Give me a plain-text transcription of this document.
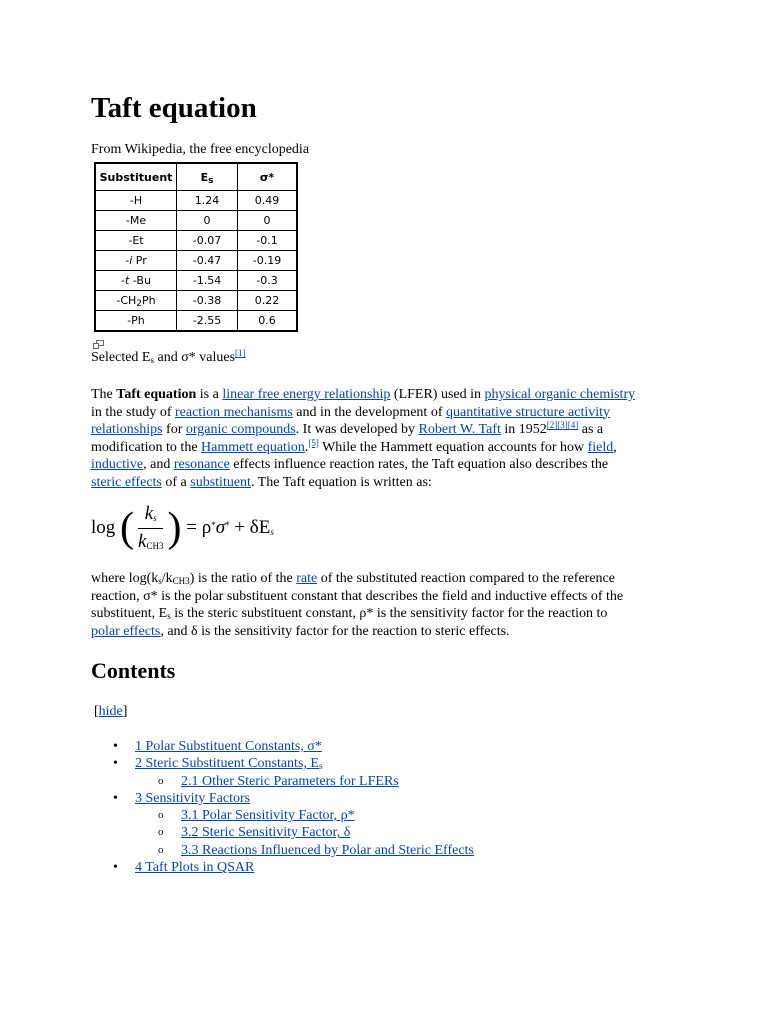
Taft equation
From Wikipedia, the free encyclopedia
Substituent	$E_s$	σ*
-H	1.24	0.49
-Me	0	0
-Et	-0.07	-0.1
-i Pr	-0.47	-0.19
-t -Bu	-1.54	-0.3
$-CH_2Ph$	-0.38	0.22
-Ph	-2.55	0.6
Selected $E_s$ and σ* values[1]
The Taft equation is a linear free energy relationship (LFER) used in physical organic chemistry
in the study of reaction mechanisms and in the development of quantitative structure activity
relationships for organic compounds. It was developed by Robert W. Taft in 1952[2][3][4] as a
modification to the Hammett equation.[5] While the Hammett equation accounts for how field,
inductive, and resonance effects influence reaction rates, the Taft equation also describes the
steric effects of a substituent. The Taft equation is written as:
log ( $\frac{k_s}{k_{CH3}}$ ) = $\rho^*\sigma^* + \delta E_s$
where $\log(k_s/k_{CH3})$ is the ratio of the rate of the substituted reaction compared to the reference
reaction, σ* is the polar substituent constant that describes the field and inductive effects of the
substituent, $E_s$ is the steric substituent constant, ρ* is the sensitivity factor for the reaction to
polar effects, and δ is the sensitivity factor for the reaction to steric effects.
Contents
[hide]
• 1 Polar Substituent Constants, σ*
• 2 Steric Substituent Constants, $E_s$
o 2.1 Other Steric Parameters for LFERs
• 3 Sensitivity Factors
o 3.1 Polar Sensitivity Factor, ρ*
o 3.2 Steric Sensitivity Factor, δ
o 3.3 Reactions Influenced by Polar and Steric Effects
• 4 Taft Plots in QSAR
